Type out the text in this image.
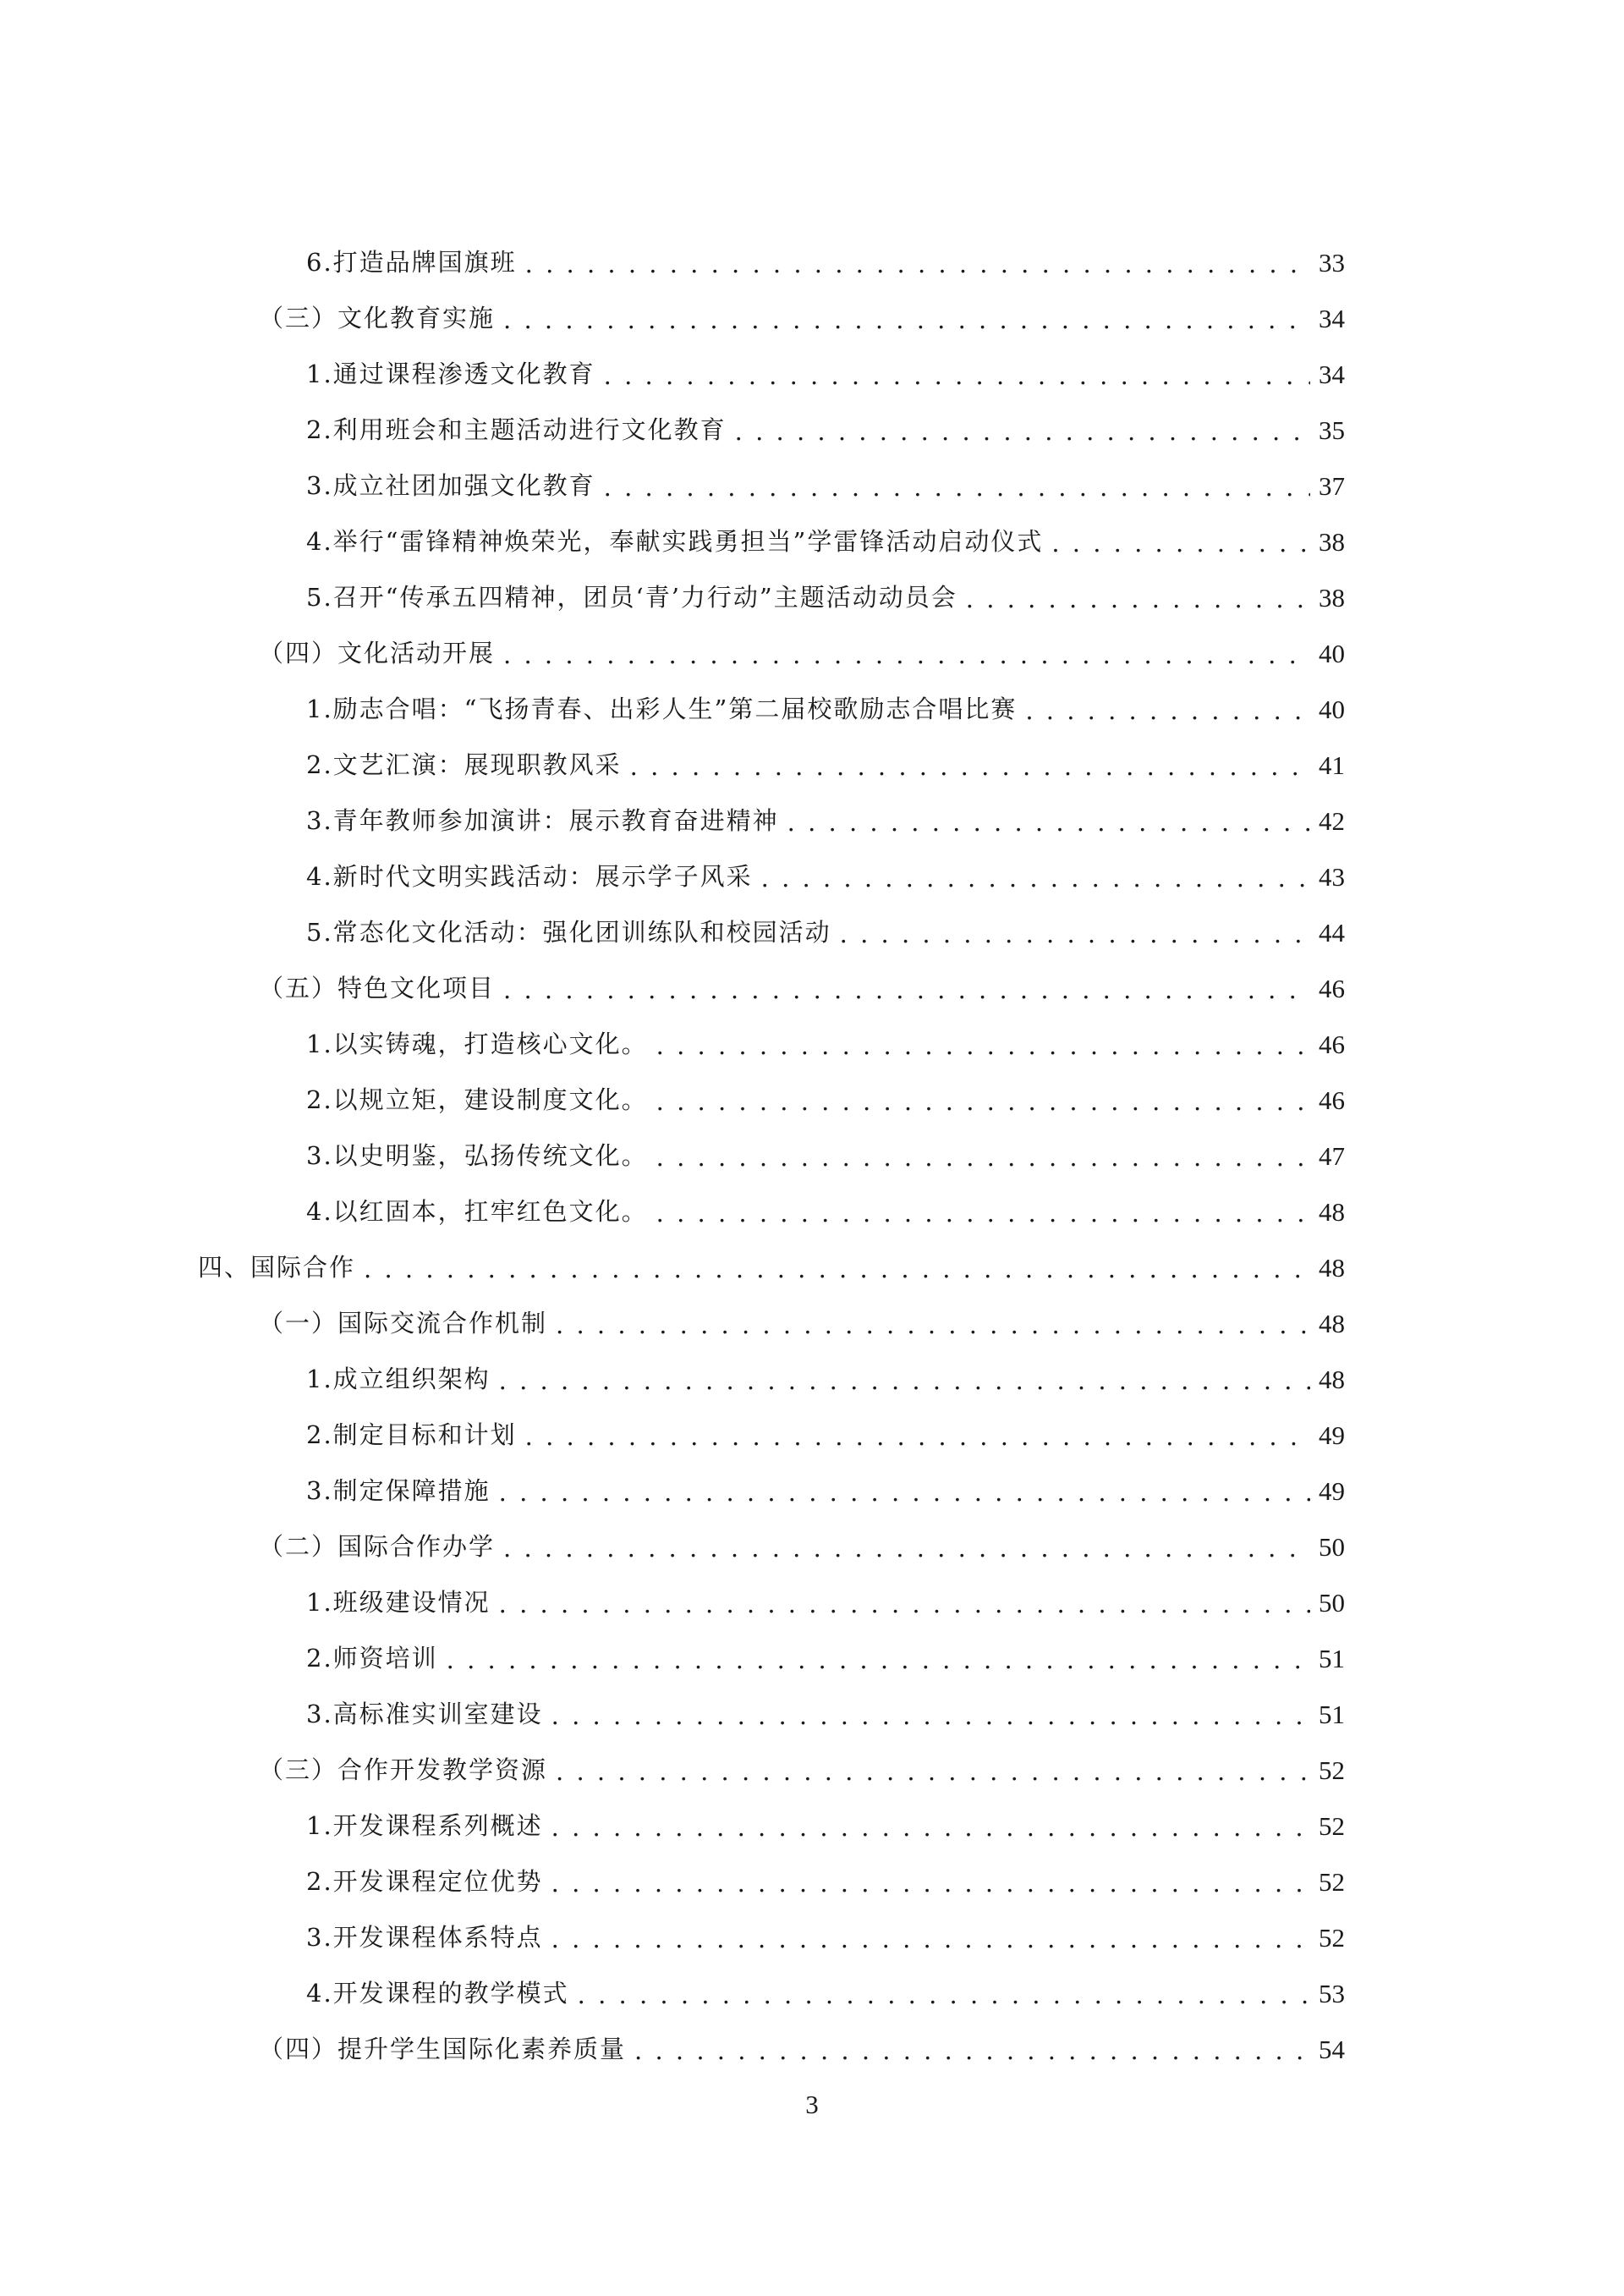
6.打造品牌国旗班 . . .	33
（三）文化教育实施 . . .	34
1.通过课程渗透文化教育 . . .	34
2.利用班会和主题活动进行文化教育 . . .	35
3.成立社团加强文化教育 . . .	37
4.举行“雷锋精神焕荣光，奉献实践勇担当”学雷锋活动启动仪式 . . .	38
5.召开“传承五四精神，团员‘青’力行动”主题活动动员会 . . .	38
（四）文化活动开展 . . .	40
1.励志合唱：“飞扬青春、出彩人生”第二届校歌励志合唱比赛 . . .	40
2.文艺汇演：展现职教风采 . . .	41
3.青年教师参加演讲：展示教育奋进精神 . . .	42
4.新时代文明实践活动：展示学子风采 . . .	43
5.常态化文化活动：强化团训练队和校园活动 . . .	44
（五）特色文化项目 . . .	46
1.以实铸魂，打造核心文化。 . . .	46
2.以规立矩，建设制度文化。 . . .	46
3.以史明鉴，弘扬传统文化。 . . .	47
4.以红固本，扛牢红色文化。 . . .	48
四、国际合作 . . .	48
（一）国际交流合作机制 . . .	48
1.成立组织架构 . . .	48
2.制定目标和计划 . . .	49
3.制定保障措施 . . .	49
（二）国际合作办学 . . .	50
1.班级建设情况 . . .	50
2.师资培训 . . .	51
3.高标准实训室建设 . . .	51
（三）合作开发教学资源 . . .	52
1.开发课程系列概述 . . .	52
2.开发课程定位优势 . . .	52
3.开发课程体系特点 . . .	52
4.开发课程的教学模式 . . .	53
（四）提升学生国际化素养质量 . . .	54
3
